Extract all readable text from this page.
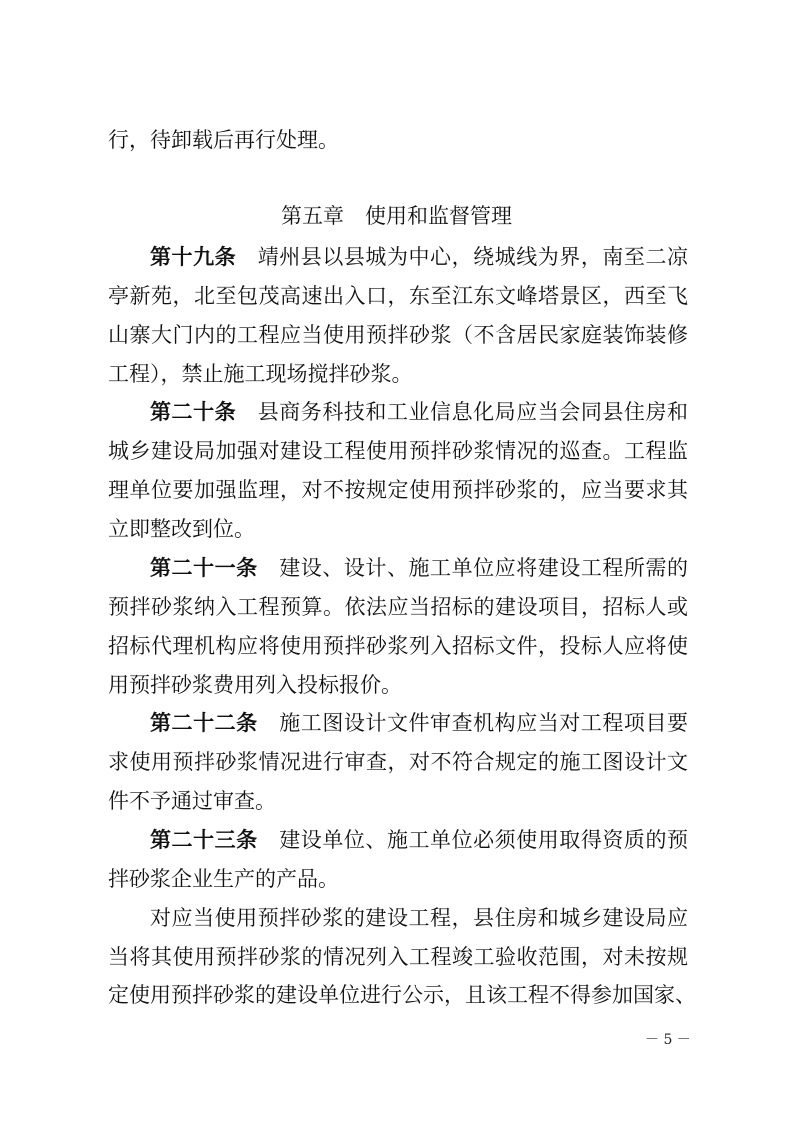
行，待卸载后再行处理。
第五章　使用和监督管理
第十九条　靖州县以县城为中心，绕城线为界，南至二凉
亭新苑，北至包茂高速出入口，东至江东文峰塔景区，西至飞
山寨大门内的工程应当使用预拌砂浆（不含居民家庭装饰装修
工程），禁止施工现场搅拌砂浆。
第二十条　县商务科技和工业信息化局应当会同县住房和
城乡建设局加强对建设工程使用预拌砂浆情况的巡查。工程监
理单位要加强监理，对不按规定使用预拌砂浆的，应当要求其
立即整改到位。
第二十一条　建设、设计、施工单位应将建设工程所需的
预拌砂浆纳入工程预算。依法应当招标的建设项目，招标人或
招标代理机构应将使用预拌砂浆列入招标文件，投标人应将使
用预拌砂浆费用列入投标报价。
第二十二条　施工图设计文件审查机构应当对工程项目要
求使用预拌砂浆情况进行审查，对不符合规定的施工图设计文
件不予通过审查。
第二十三条　建设单位、施工单位必须使用取得资质的预
拌砂浆企业生产的产品。
对应当使用预拌砂浆的建设工程，县住房和城乡建设局应
当将其使用预拌砂浆的情况列入工程竣工验收范围，对未按规
定使用预拌砂浆的建设单位进行公示，且该工程不得参加国家、
－ 5 －
